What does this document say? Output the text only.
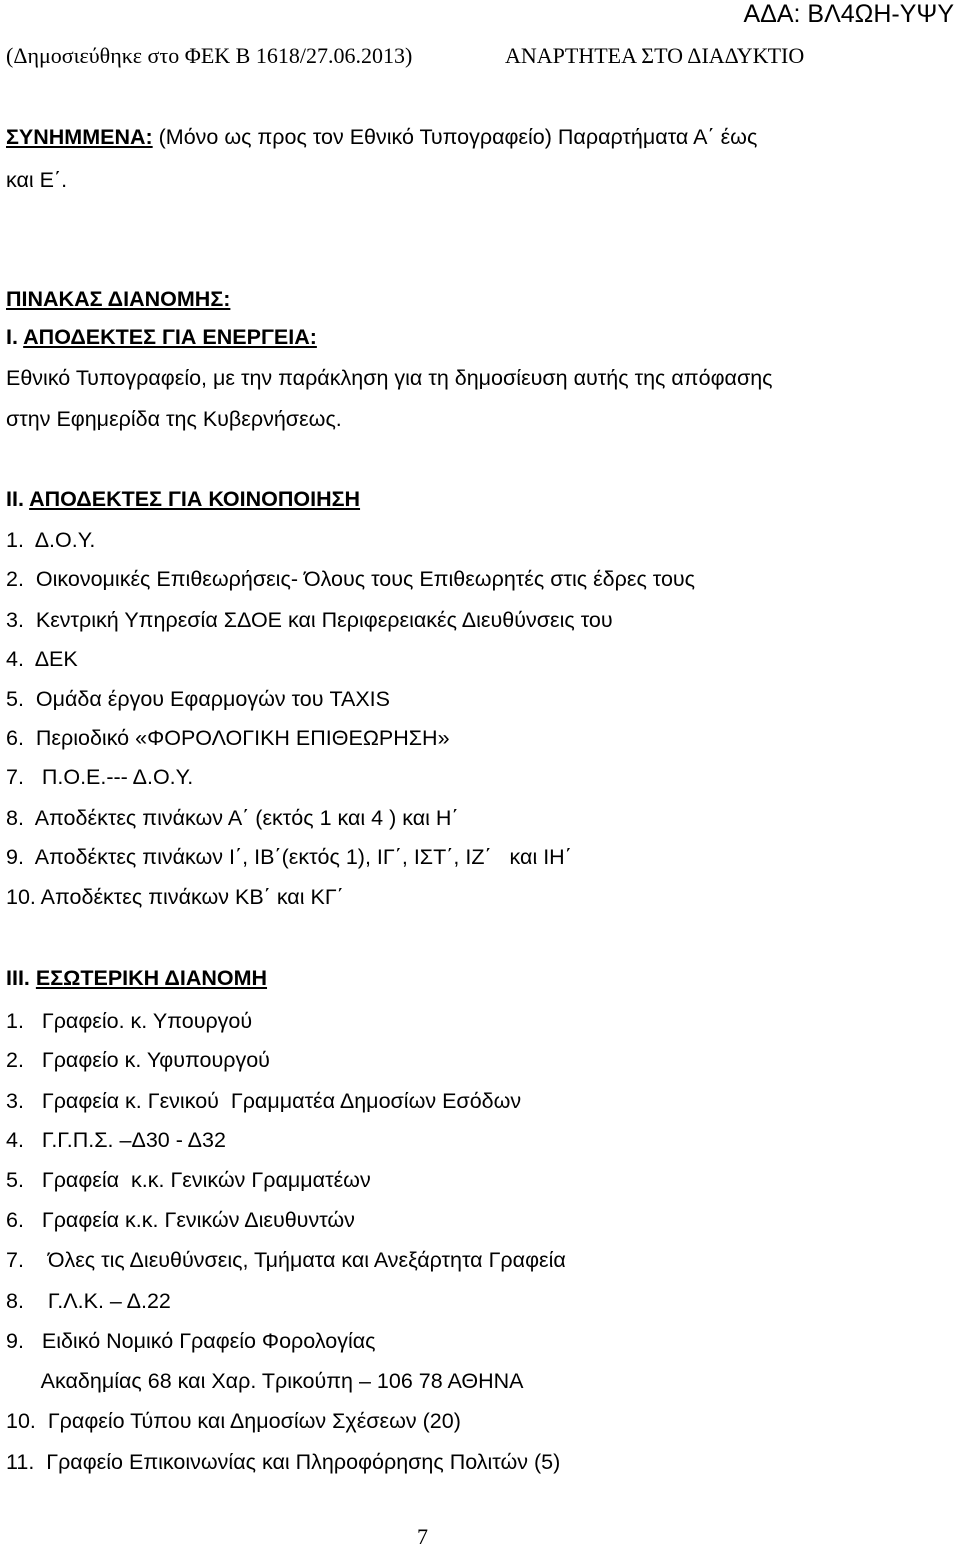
ΑΔΑ: ΒΛ4ΩΗ-ΥΨΥ
(Δημοσιεύθηκε στο ΦΕΚ Β 1618/27.06.2013)	ΑΝΑΡΤΗΤΕΑ ΣΤΟ ΔΙΑΔΥΚΤΙΟ
ΣΥΝΗΜΜΕΝΑ: (Μόνο ως προς τον Εθνικό Τυπογραφείο) Παραρτήματα Α΄ έως
και Ε΄.
ΠΙΝΑΚΑΣ ΔΙΑΝΟΜΗΣ:
Ι. ΑΠΟΔΕΚΤΕΣ ΓΙΑ ΕΝΕΡΓΕΙΑ:
Εθνικό Τυπογραφείο, με την παράκληση για τη δημοσίευση αυτής της απόφασης
στην Εφημερίδα της Κυβερνήσεως.
ΙΙ. ΑΠΟΔΕΚΤΕΣ ΓΙΑ ΚΟΙΝΟΠΟΙΗΣΗ
1.  Δ.Ο.Υ.
2.  Οικονομικές Επιθεωρήσεις- Όλους τους Επιθεωρητές στις έδρες τους
3.  Κεντρική Υπηρεσία ΣΔΟΕ και Περιφερειακές Διευθύνσεις του
4.  ΔΕΚ
5.  Ομάδα έργου Εφαρμογών του TAXIS
6.  Περιοδικό «ΦΟΡΟΛΟΓΙΚΗ ΕΠΙΘΕΩΡΗΣΗ»
7.   Π.Ο.Ε.--- Δ.Ο.Υ.
8.  Αποδέκτες πινάκων Α΄ (εκτός 1 και 4 ) και Η΄
9.  Αποδέκτες πινάκων Ι΄, ΙΒ΄(εκτός 1), ΙΓ΄, ΙΣΤ΄, ΙΖ΄   και ΙΗ΄
10. Αποδέκτες πινάκων ΚΒ΄ και ΚΓ΄
ΙΙΙ. ΕΣΩΤΕΡΙΚΗ ΔΙΑΝΟΜΗ
1.   Γραφείο. κ. Υπουργού
2.   Γραφείο κ. Υφυπουργού
3.   Γραφεία κ. Γενικού  Γραμματέα Δημοσίων Εσόδων
4.   Γ.Γ.Π.Σ. –Δ30 - Δ32
5.   Γραφεία  κ.κ. Γενικών Γραμματέων
6.   Γραφεία κ.κ. Γενικών Διευθυντών
7.    Όλες τις Διευθύνσεις, Τμήματα και Ανεξάρτητα Γραφεία
8.    Γ.Λ.Κ. – Δ.22
9.   Ειδικό Νομικό Γραφείο Φορολογίας
Ακαδημίας 68 και Χαρ. Τρικούπη – 106 78 ΑΘΗΝΑ
10.  Γραφείο Τύπου και Δημοσίων Σχέσεων (20)
11.  Γραφείο Επικοινωνίας και Πληροφόρησης Πολιτών (5)
7
